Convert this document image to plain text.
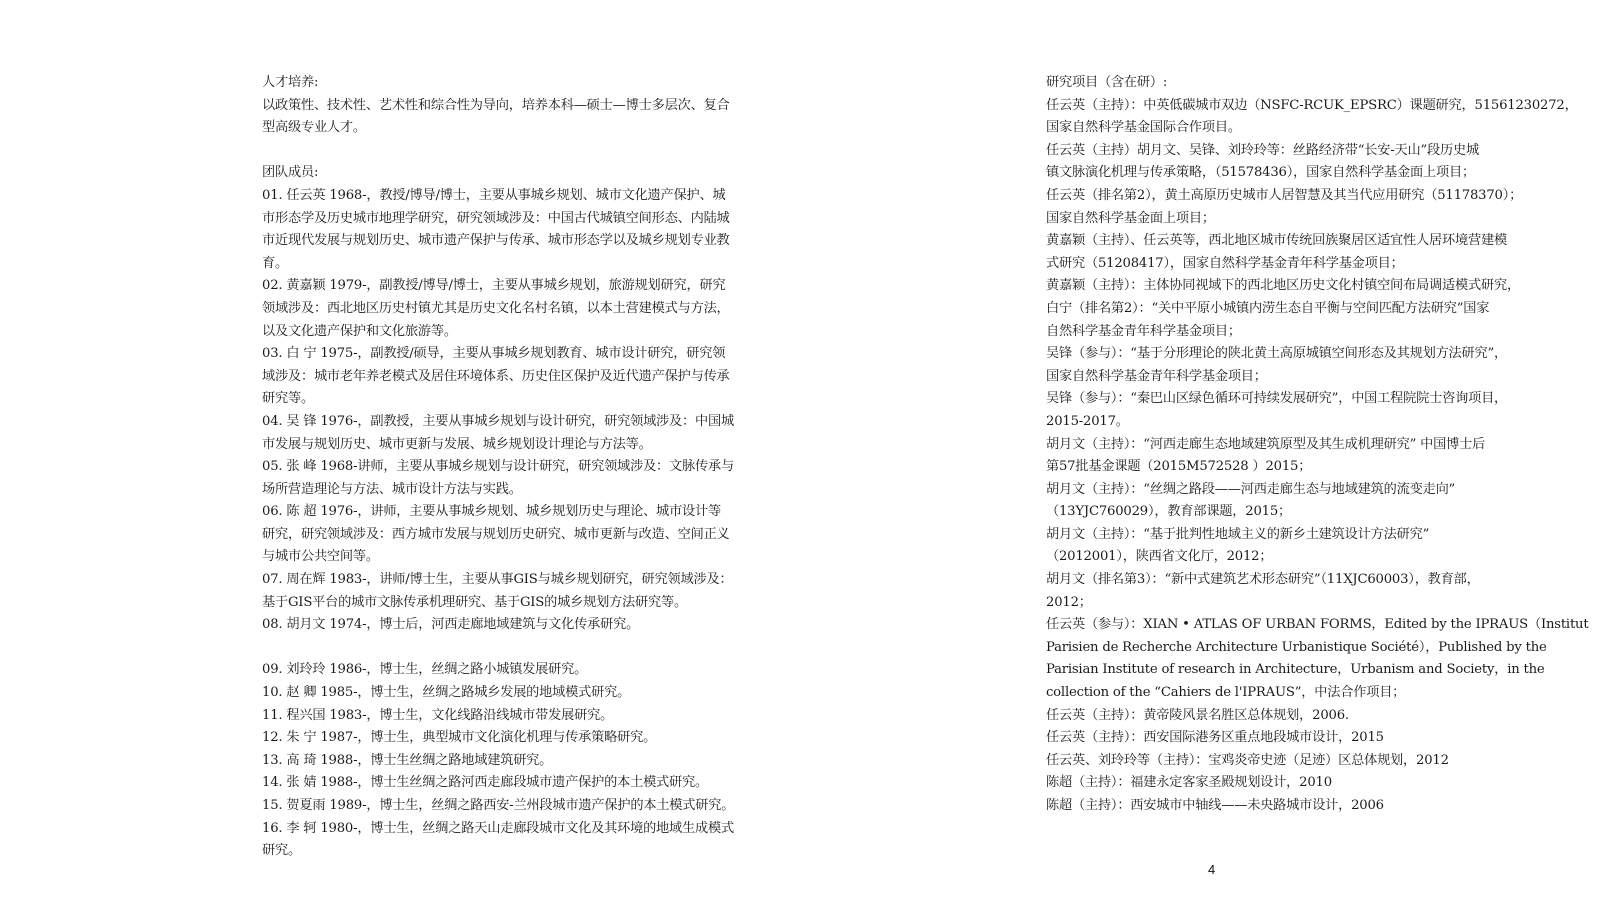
人才培养:
以政策性、技术性、艺术性和综合性为导向，培养本科—硕士—博士多层次、复合
型高级专业人才。
团队成员:
01. 任云英 1968-，教授/博导/博士，主要从事城乡规划、城市文化遗产保护、城
市形态学及历史城市地理学研究，研究领域涉及：中国古代城镇空间形态、内陆城
市近现代发展与规划历史、城市遗产保护与传承、城市形态学以及城乡规划专业教
育。
02. 黄嘉颖 1979-，副教授/博导/博士，主要从事城乡规划，旅游规划研究，研究
领域涉及：西北地区历史村镇尤其是历史文化名村名镇，以本土营建模式与方法，
以及文化遗产保护和文化旅游等。
03. 白 宁 1975-，副教授/硕导，主要从事城乡规划教育、城市设计研究，研究领
域涉及：城市老年养老模式及居住环境体系、历史住区保护及近代遗产保护与传承
研究等。
04. 吴 锋 1976-，副教授，主要从事城乡规划与设计研究，研究领域涉及：中国城
市发展与规划历史、城市更新与发展、城乡规划设计理论与方法等。
05. 张 峰 1968-讲师，主要从事城乡规划与设计研究，研究领域涉及：文脉传承与
场所营造理论与方法、城市设计方法与实践。
06. 陈 超 1976-，讲师，主要从事城乡规划、城乡规划历史与理论、城市设计等
研究，研究领域涉及：西方城市发展与规划历史研究、城市更新与改造、空间正义
与城市公共空间等。
07. 周在辉 1983-，讲师/博士生，主要从事GIS与城乡规划研究，研究领域涉及：
基于GIS平台的城市文脉传承机理研究、基于GIS的城乡规划方法研究等。
08. 胡月文 1974-，博士后，河西走廊地域建筑与文化传承研究。
09. 刘玲玲 1986-，博士生，丝绸之路小城镇发展研究。
10. 赵 卿 1985-，博士生，丝绸之路城乡发展的地域模式研究。
11. 程兴国 1983-，博士生，文化线路沿线城市带发展研究。
12. 朱 宁 1987-，博士生，典型城市文化演化机理与传承策略研究。
13. 高 琦 1988-，博士生丝绸之路地域建筑研究。
14. 张 婧 1988-，博士生丝绸之路河西走廊段城市遗产保护的本土模式研究。
15. 贺夏雨 1989-，博士生，丝绸之路西安-兰州段城市遗产保护的本土模式研究。
16. 李 轲 1980-，博士生，丝绸之路天山走廊段城市文化及其环境的地域生成模式
研究。
研究项目（含在研）:
任云英（主持）：中英低碳城市双边（NSFC-RCUK_EPSRC）课题研究，51561230272，
国家自然科学基金国际合作项目。
任云英（主持）胡月文、吴锋、刘玲玲等：丝路经济带“长安-天山”段历史城
镇文脉演化机理与传承策略，（51578436），国家自然科学基金面上项目；
任云英（排名第2），黄土高原历史城市人居智慧及其当代应用研究（51178370）；
国家自然科学基金面上项目；
黄嘉颖（主持）、任云英等，西北地区城市传统回族聚居区适宜性人居环境营建模
式研究（51208417），国家自然科学基金青年科学基金项目；
黄嘉颖（主持）：主体协同视域下的西北地区历史文化村镇空间布局调适模式研究，
白宁（排名第2）：“关中平原小城镇内涝生态自平衡与空间匹配方法研究”国家
自然科学基金青年科学基金项目；
吴锋（参与）：“基于分形理论的陕北黄土高原城镇空间形态及其规划方法研究”，
国家自然科学基金青年科学基金项目；
吴锋（参与）：“秦巴山区绿色循环可持续发展研究”，中国工程院院士咨询项目，
2015-2017。
胡月文（主持）：“河西走廊生态地域建筑原型及其生成机理研究” 中国博士后
第57批基金课题（2015M572528 ）2015；
胡月文（主持）：“丝绸之路段——河西走廊生态与地域建筑的流变走向”
（13YJC760029），教育部课题，2015；
胡月文（主持）：“基于批判性地域主义的新乡土建筑设计方法研究”
（2012001），陕西省文化厅，2012；
胡月文（排名第3）：“新中式建筑艺术形态研究”（11XJC60003），教育部，
2012；
任云英（参与）：XIAN • ATLAS OF URBAN FORMS，Edited by the IPRAUS（Institut
Parisien de Recherche Architecture Urbanistique Société），Published by the
Parisian Institute of research in Architecture，Urbanism and Society，in the
collection of the “Cahiers de l'IPRAUS”，中法合作项目；
任云英（主持）：黄帝陵风景名胜区总体规划，2006.
任云英（主持）：西安国际港务区重点地段城市设计，2015
任云英、刘玲玲等（主持）：宝鸡炎帝史迹（足迹）区总体规划，2012
陈超（主持）：福建永定客家圣殿规划设计，2010
陈超（主持）：西安城市中轴线——未央路城市设计，2006
4
